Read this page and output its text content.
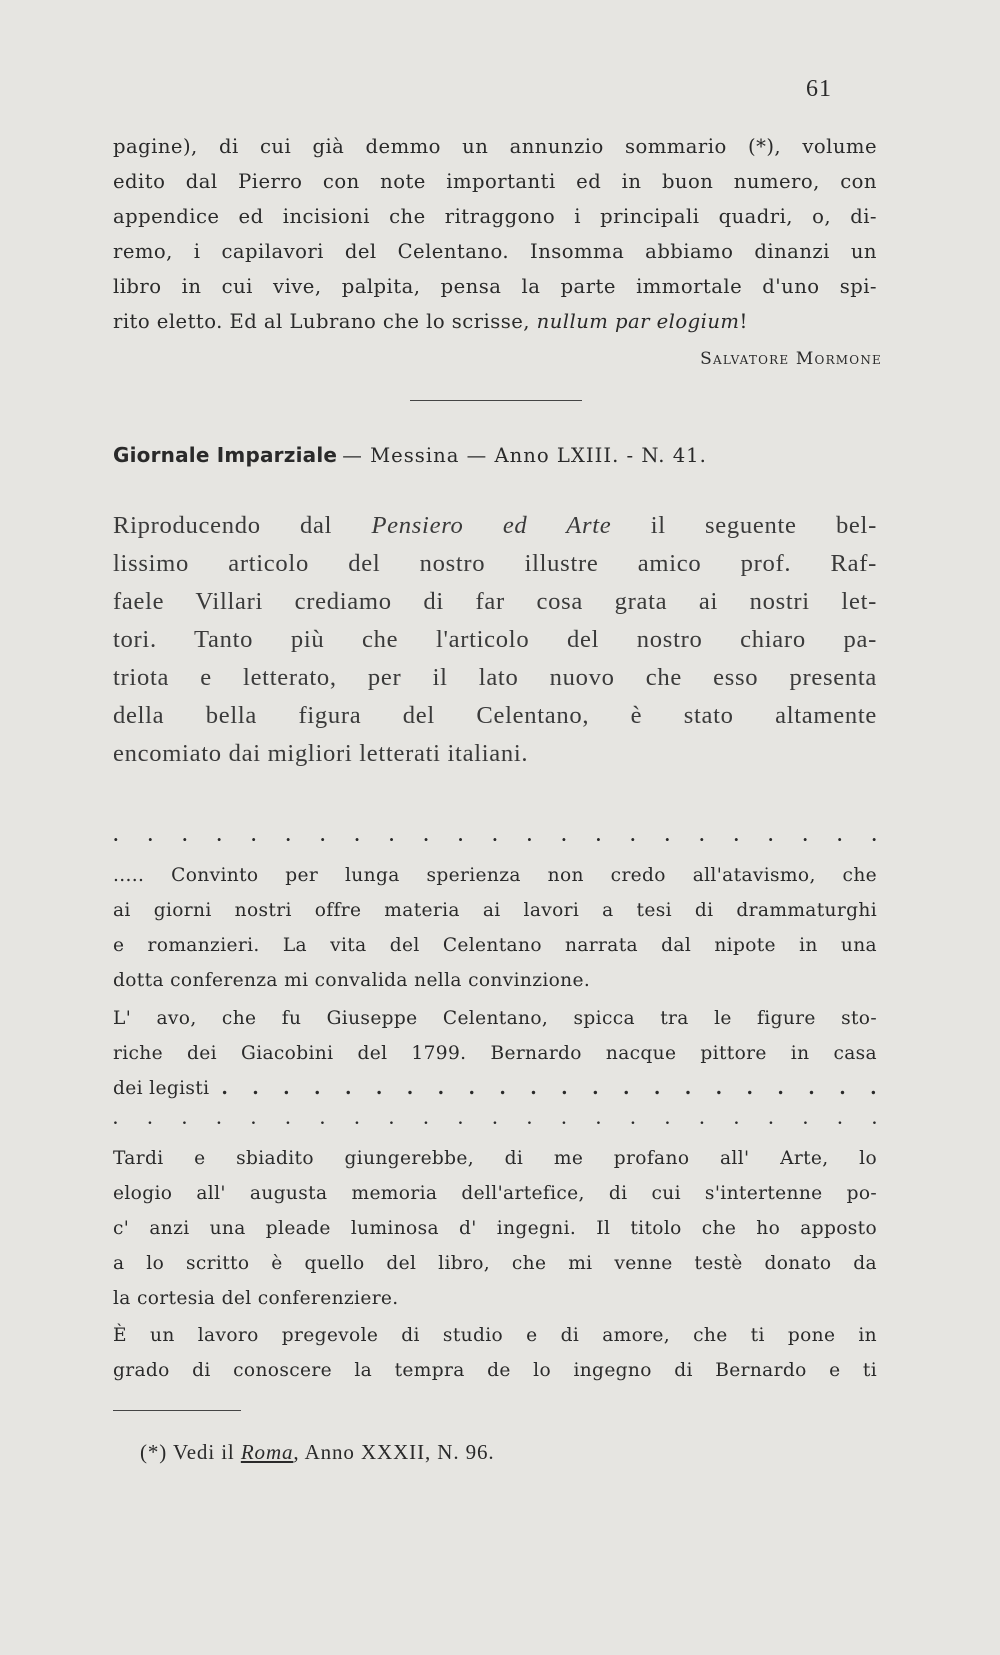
61
pagine), di cui già demmo un annunzio sommario (*), volume
edito dal Pierro con note importanti ed in buon numero, con
appendice ed incisioni che ritraggono i principali quadri, o, di-
remo, i capilavori del Celentano. Insomma abbiamo dinanzi un
libro in cui vive, palpita, pensa la parte immortale d'uno spi-
rito eletto. Ed al Lubrano che lo scrisse, nullum par elogium!
Salvatore Mormone
Giornale Imparziale — Messina — Anno LXIII. - N. 41.
Riproducendo dal Pensiero ed Arte il seguente bel-
lissimo articolo del nostro illustre amico prof. Raf-
faele Villari crediamo di far cosa grata ai nostri let-
tori. Tanto più che l'articolo del nostro chiaro pa-
triota e letterato, per il lato nuovo che esso presenta
della bella figura del Celentano, è stato altamente
encomiato dai migliori letterati italiani.
. . . . . . . . . . . . . . . . . . . . . . .
..... Convinto per lunga sperienza non credo all'atavismo, che
ai giorni nostri offre materia ai lavori a tesi di drammaturghi
e romanzieri. La vita del Celentano narrata dal nipote in una
dotta conferenza mi convalida nella convinzione.
L' avo, che fu Giuseppe Celentano, spicca tra le figure sto-
riche dei Giacobini del 1799. Bernardo nacque pittore in casa
dei legisti . . . . . . . . . . . . . . . . . . . . . .
. . . . . . . . . . . . . . . . . . . . . . .
Tardi e sbiadito giungerebbe, di me profano all' Arte, lo
elogio all' augusta memoria dell'artefice, di cui s'intertenne po-
c' anzi una pleade luminosa d' ingegni. Il titolo che ho apposto
a lo scritto è quello del libro, che mi venne testè donato da
la cortesia del conferenziere.
È un lavoro pregevole di studio e di amore, che ti pone in
grado di conoscere la tempra de lo ingegno di Bernardo e ti
(*) Vedi il Roma, Anno XXXII, N. 96.
